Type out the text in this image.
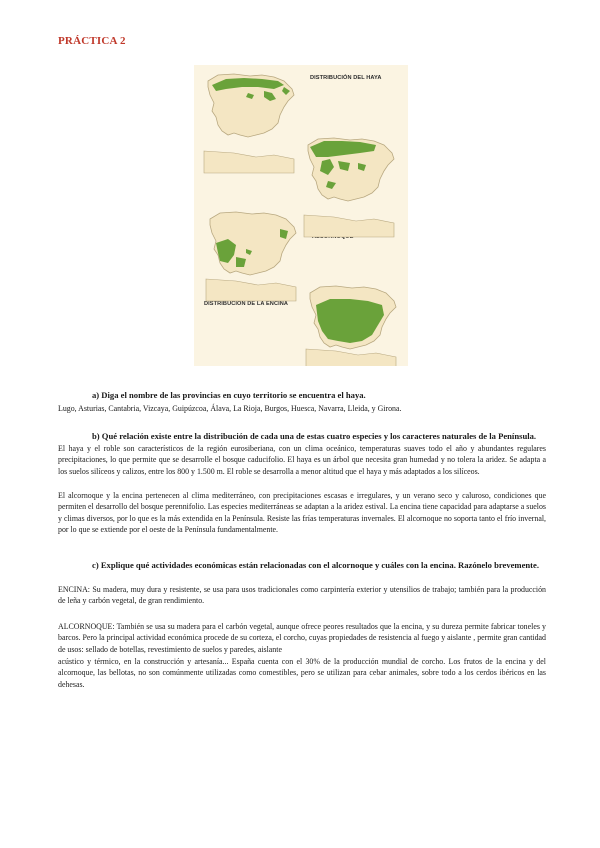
PRÁCTICA 2
DISTRIBUCIÓN DEL HAYA
DISTRIBUCIÓN DE LA ENCINA
a) Diga el nombre de las provincias en cuyo territorio se encuentra el haya.
Lugo, Asturias, Cantabria, Vizcaya, Guipúzcoa, Álava, La Rioja, Burgos, Huesca, Navarra, Lleida, y Girona.
b) Qué relación existe entre la distribución de cada una de estas cuatro especies y los caracteres naturales de la Península.
El haya y el roble son característicos de la región eurosiberiana, con un clima oceánico, temperaturas suaves todo el año y abundantes regulares precipitaciones, lo que permite que se desarrolle el bosque caducifolio. El haya es un árbol que necesita gran humedad y no tolera la aridez. Se adapta a los suelos silíceos y calizos, entre los 800 y 1.500 m. El roble se desarrolla a menor altitud que el haya y más adaptados a los silíceos.
El alcornoque y la encina pertenecen al clima mediterráneo, con precipitaciones escasas e irregulares, y un verano seco y caluroso, condiciones que permiten el desarrollo del bosque perennifolio. Las especies mediterráneas se adaptan a la aridez estival. La encina tiene capacidad para adaptarse a suelos y climas diversos, por lo que es la más extendida en la Península. Resiste las frías temperaturas invernales. El alcornoque no soporta tanto el frío invernal, por lo que se extiende por el oeste de la Península fundamentalmente.
c) Explique qué actividades económicas están relacionadas con el alcornoque y cuáles con la encina. Razónelo brevemente.
ENCINA: Su madera, muy dura y resistente, se usa para usos tradicionales como carpintería exterior y utensilios de trabajo; también para la producción de leña y carbón vegetal, de gran rendimiento.
ALCORNOQUE: También se usa su madera para el carbón vegetal, aunque ofrece peores resultados que la encina, y su dureza permite fabricar toneles y barcos. Pero la principal actividad económica procede de su corteza, el corcho, cuyas propiedades de resistencia al fuego y aislante , permite gran cantidad de usos: sellado de botellas, revestimiento de suelos y paredes, aislante
acústico y térmico, en la construcción y artesanía... España cuenta con el 30% de la producción mundial de corcho. Los frutos de la encina y del alcornoque, las bellotas, no son comúnmente utilizadas como comestibles, pero se utilizan para cebar animales, sobre todo a los cerdos ibéricos en las dehesas.
